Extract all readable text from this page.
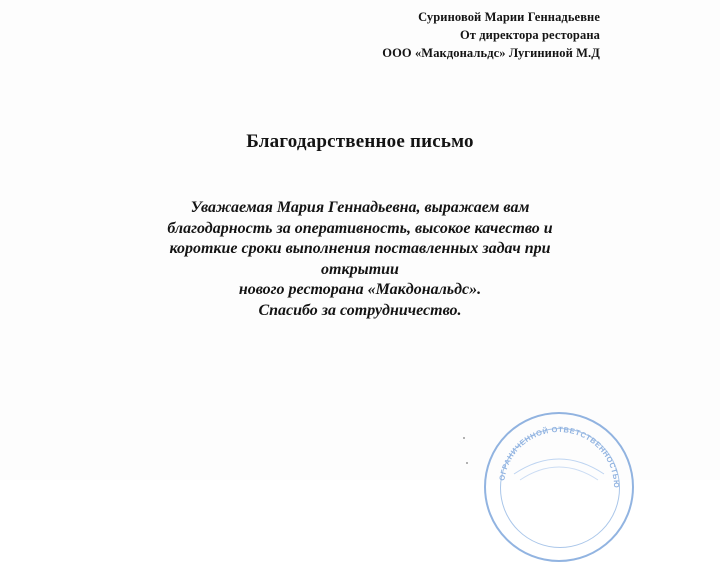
Суриновой Марии Геннадьевне
От директора ресторана
ООО «Макдональдс» Лугининой М.Д
Благодарственное письмо
Уважаемая Мария Геннадьевна, выражаем вам
благодарность за оперативность, высокое качество и
короткие сроки выполнения поставленных задач при
открытии
нового ресторана «Макдональдс».
Спасибо за сотрудничество.
ОГРАНИЧЕННОЙ ОТВЕТСТВЕННОСТЬЮ
